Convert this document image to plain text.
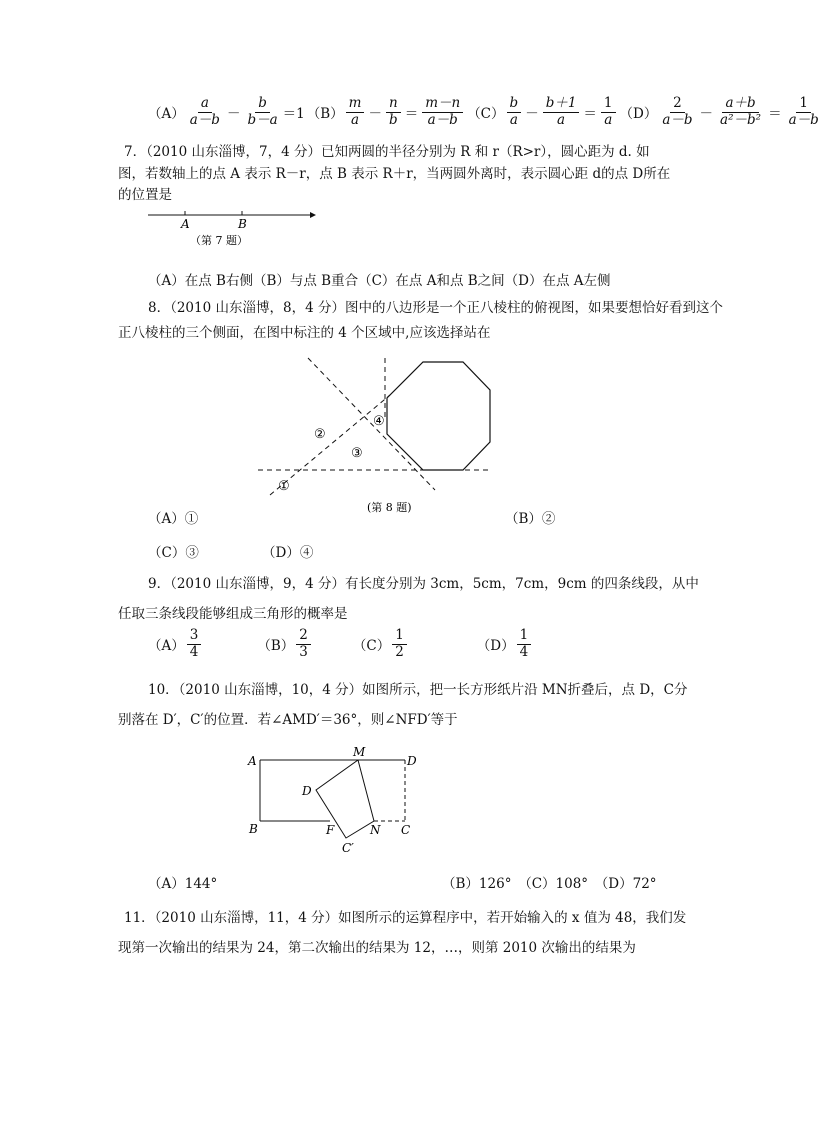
$(A) \frac{a}{a-b} - \frac{b}{b-a} =1$ $(B) \frac{m}{a} - \frac{n}{b} = \frac{m-n}{a-b} (C) \frac{b}{a} - \frac{b+1}{a} = \frac{1}{a} (D) \frac{2}{a-b} - \frac{a+b}{\text{a²－b²}} = \frac{1}{a-b}$
7．（2010 山东淄博，7，4 分）已知两圆的半径分别为 R 和 r（R>r），圆心距为 d. 如
图，若数轴上的点 A 表示 R－r，点 B 表示 R＋r，当两圆外离时，表示圆心距 d的点 D所在
的位置是
A	B
（第 7 题）
（A）在点 B右侧（B）与点 B重合（C）在点 A和点 B之间（D）在点 A左侧
8．（2010 山东淄博，8，4 分）图中的八边形是一个正八棱柱的俯视图，如果要想恰好看到这个
正八棱柱的三个侧面，在图中标注的 4 个区域中,应该选择站在
①
②
③
④
(第 8 题)
（A）①	（B）②
（C）③	（D）④
9．（2010 山东淄博，9，4 分）有长度分别为 3cm，5cm，7cm，9cm 的四条线段，从中
任取三条线段能够组成三角形的概率是
$(A) \frac{3}{4}$	$(B) \frac{2}{3}$	$(C) \frac{1}{2}$	$(D) \frac{1}{4}$
10．（2010 山东淄博，10，4 分）如图所示，把一长方形纸片沿 MN折叠后，点 D，C分
别落在 D′，C′的位置．若∠AMD′＝36°，则∠NFD′等于
A
M
D
D
B	F	N C
C′
（A）144°	（B）126°　（C）108°　（D）72°
11．（2010 山东淄博，11，4 分）如图所示的运算程序中，若开始输入的 x 值为 48，我们发
现第一次输出的结果为 24，第二次输出的结果为 12，…，则第 2010 次输出的结果为
